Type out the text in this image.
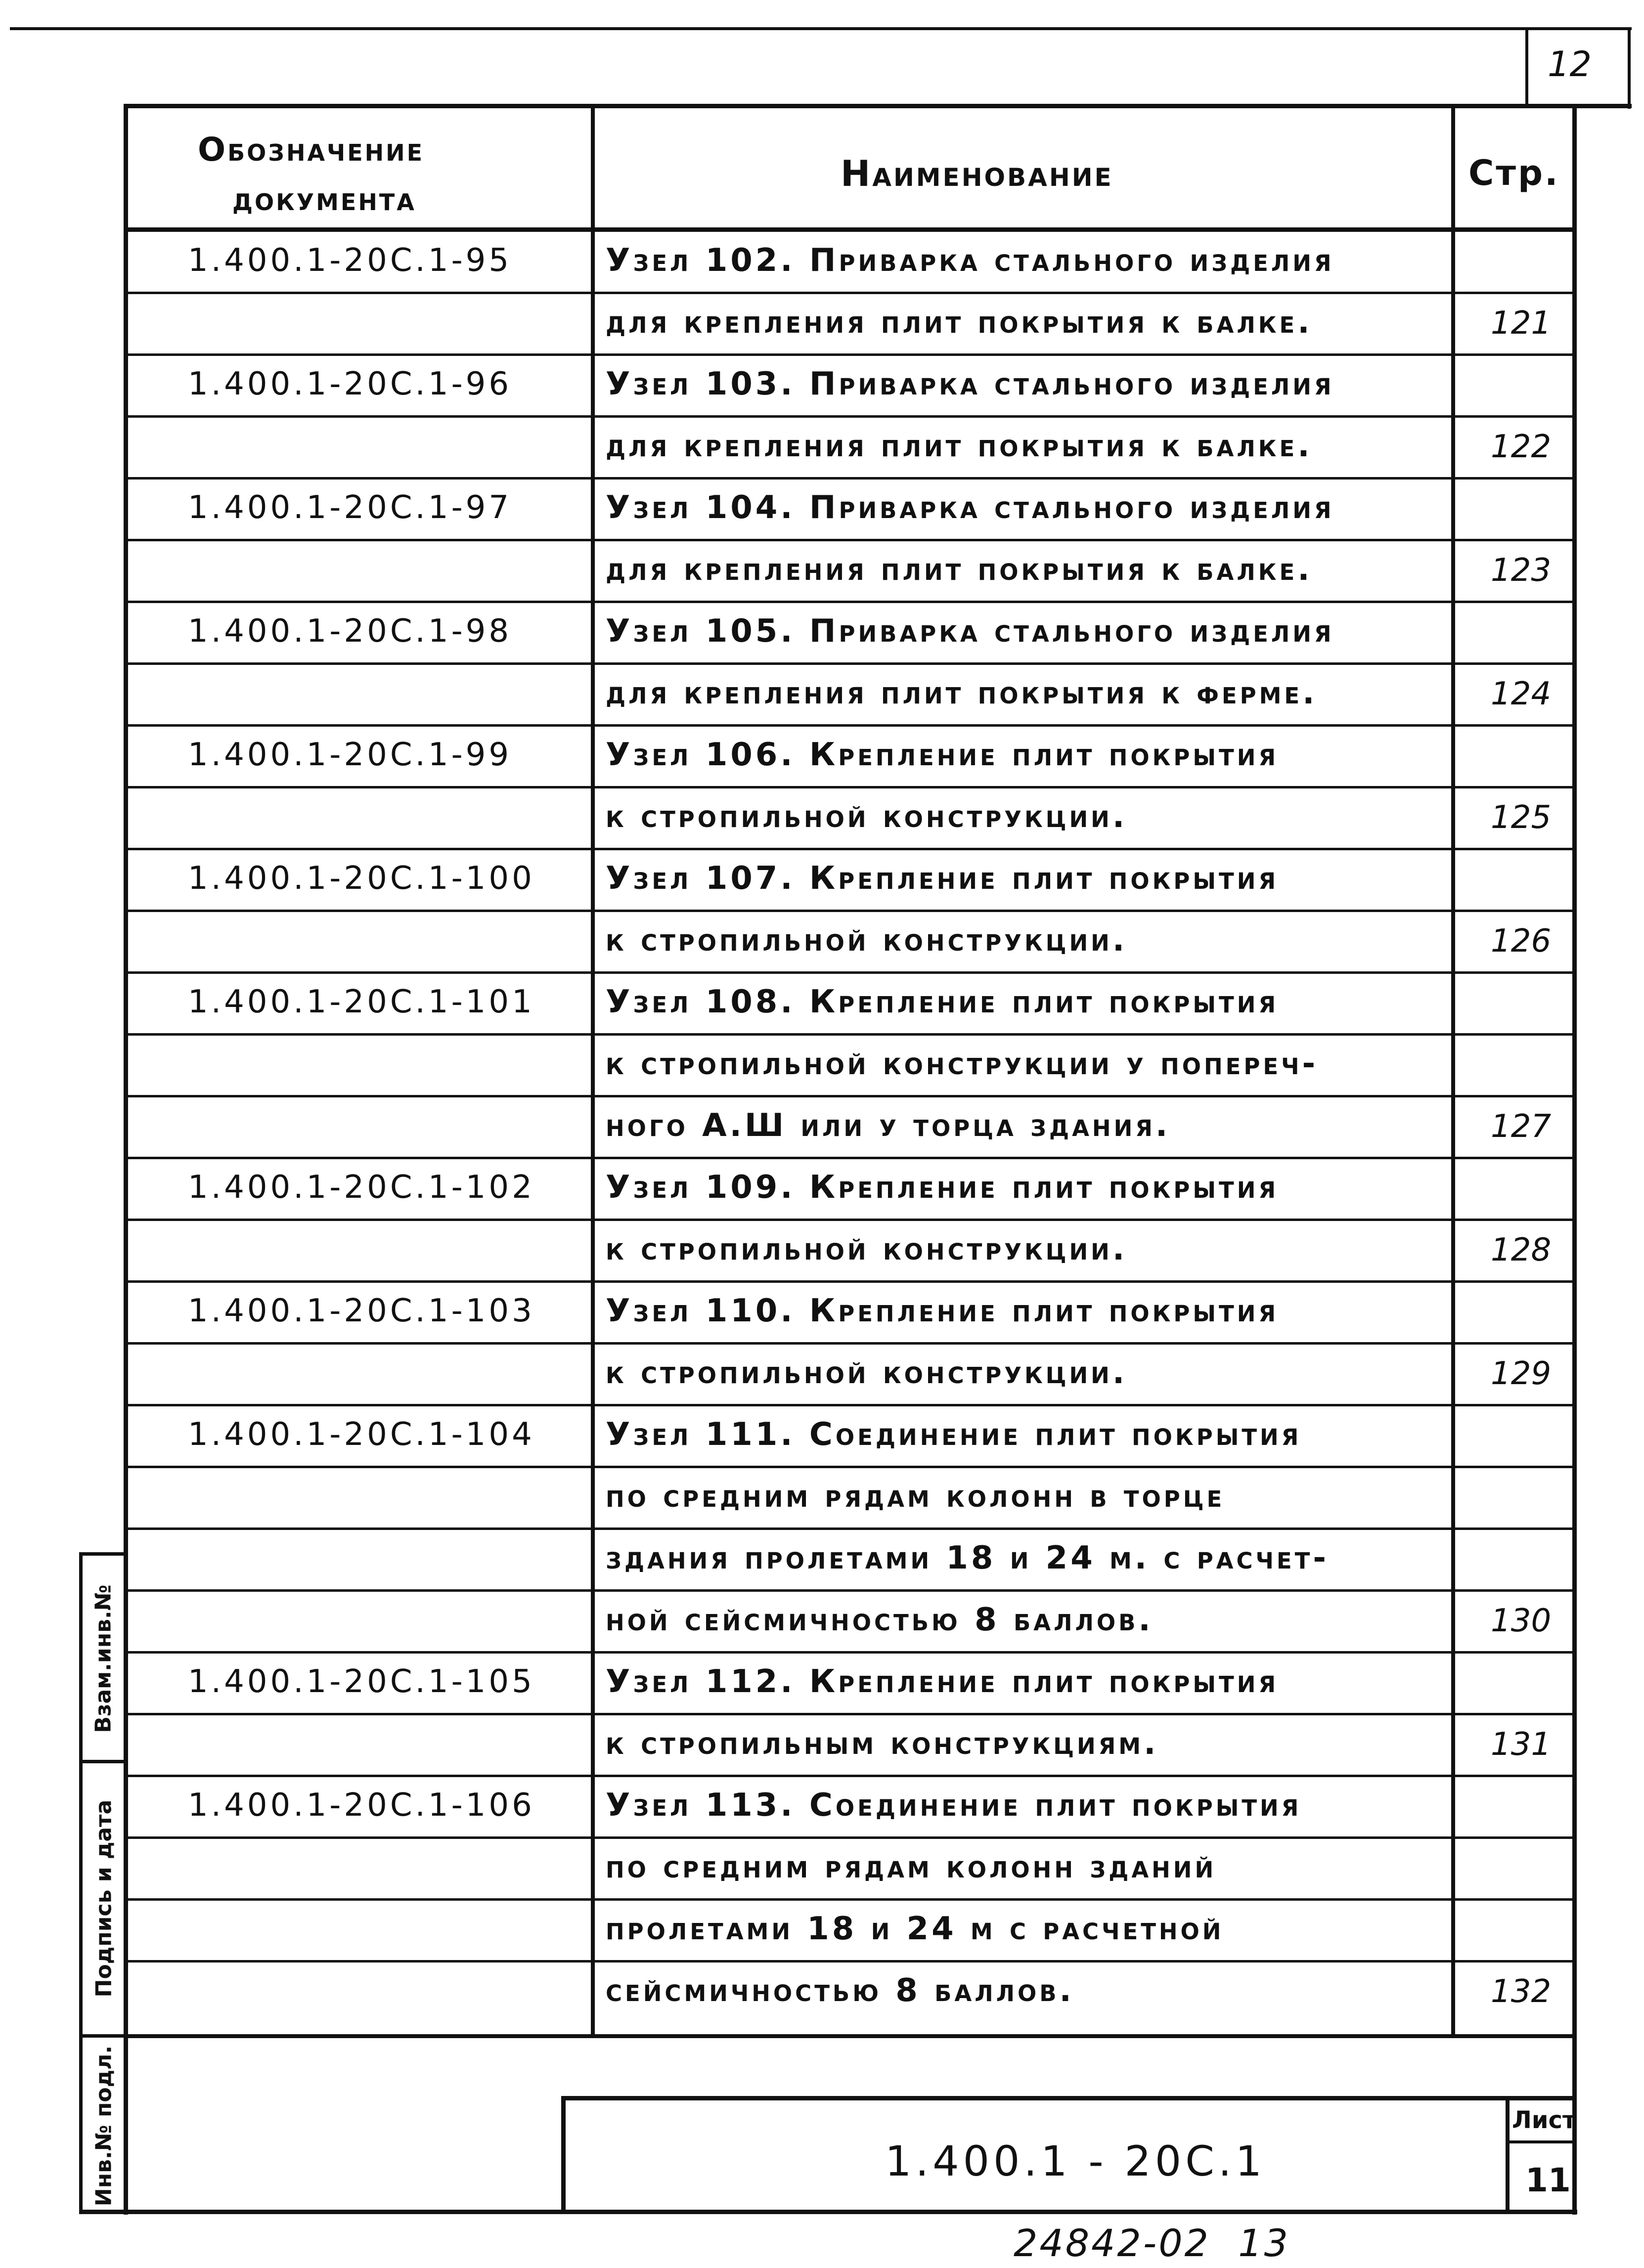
12
Обозначение
документа
Наименование	Стр.
1.400.1-20С.1-95	Узел 102. Приварка стального изделия
для крепления плит покрытия к балке.	121
1.400.1-20С.1-96	Узел 103. Приварка стального изделия
для крепления плит покрытия к балке.	122
1.400.1-20С.1-97	Узел 104. Приварка стального изделия
для крепления плит покрытия к балке.	123
1.400.1-20С.1-98	Узел 105. Приварка стального изделия
для крепления плит покрытия к ферме.	124
1.400.1-20С.1-99	Узел 106. Крепление плит покрытия
к стропильной конструкции.	125
1.400.1-20С.1-100 Узел 107. Крепление плит покрытия
к стропильной конструкции.	126
1.400.1-20С.1-101 Узел 108. Крепление плит покрытия
к стропильной конструкции у попереч-
ного А.Ш или у торца здания.	127
1.400.1-20С.1-102 Узел 109. Крепление плит покрытия
к стропильной конструкции.	128
1.400.1-20С.1-103 Узел 110. Крепление плит покрытия
к стропильной конструкции.	129
1.400.1-20С.1-104 Узел 111. Соединение плит покрытия
по средним рядам колонн в торце
здания пролетами 18 и 24 м. с расчет-
ной сейсмичностью 8 баллов.	130
1.400.1-20С.1-105 Узел 112. Крепление плит покрытия
к стропильным конструкциям.	131
1.400.1-20С.1-106 Узел 113. Соединение плит покрытия
по средним рядам колонн зданий
пролетами 18 и 24 м с расчетной
сейсмичностью 8 баллов.	132
Взам.инв.№
Подпись и дата
Инв.№ подл.	1.400.1 - 20С.1
Лист
11
24842-02  13
